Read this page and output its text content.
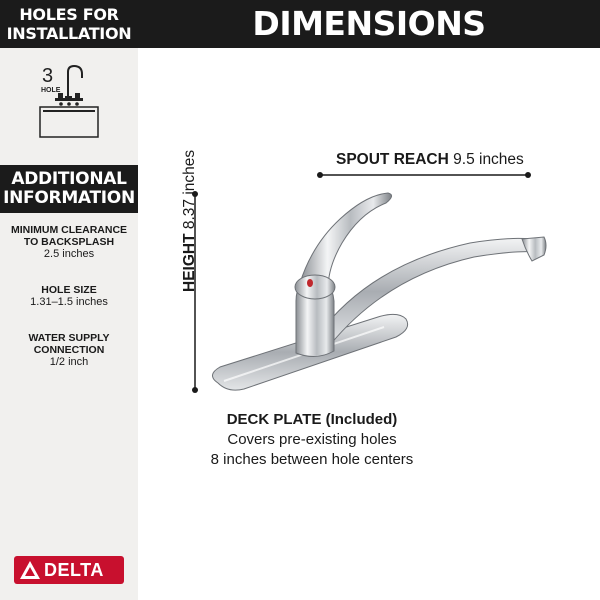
HOLES FOR
INSTALLATION
3
HOLE
ADDITIONAL
INFORMATION
MINIMUM CLEARANCE
TO BACKSPLASH
2.5 inches
HOLE SIZE
1.31–1.5 inches
WATER SUPPLY
CONNECTION
1/2 inch
DELTA
DIMENSIONS
SPOUT REACH 9.5 inches
HEIGHT 8.37 inches
DECK PLATE (Included)
Covers pre-existing holes
8 inches between hole centers
